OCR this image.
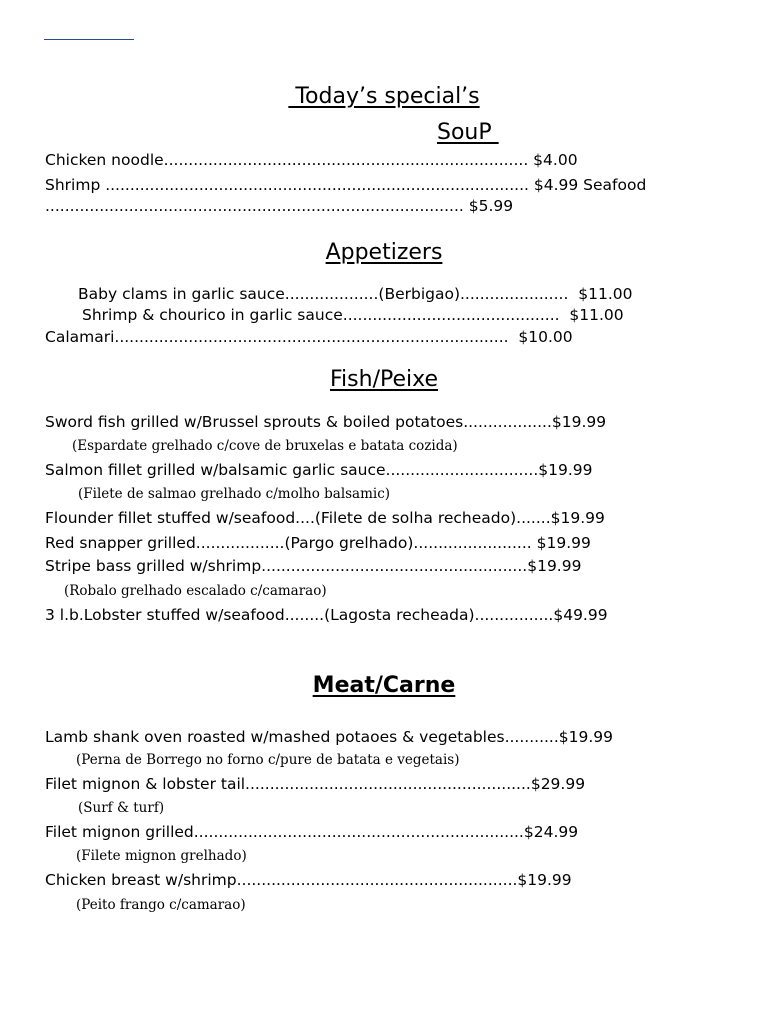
Today’s special’s
SouP
Chicken noodle.......................................................................... $4.00
Shrimp ...................................................................................... $4.99 Seafood
..................................................................................... $5.99
Appetizers
Baby clams in garlic sauce...................(Berbigao)......................  $11.00
Shrimp & chourico in garlic sauce............................................  $11.00
Calamari................................................................................  $10.00
Fish/Peixe
Sword fish grilled w/Brussel sprouts & boiled potatoes..................$19.99
(Espardate grelhado c/cove de bruxelas e batata cozida)
Salmon fillet grilled w/balsamic garlic sauce...............................$19.99
(Filete de salmao grelhado c/molho balsamic)
Flounder fillet stuffed w/seafood....(Filete de solha recheado).......$19.99
Red snapper grilled..................(Pargo grelhado)........................ $19.99
Stripe bass grilled w/shrimp......................................................$19.99
(Robalo grelhado escalado c/camarao)
3 l.b.Lobster stuffed w/seafood........(Lagosta recheada)................$49.99
Meat/Carne
Lamb shank oven roasted w/mashed potaoes & vegetables...........$19.99
(Perna de Borrego no forno c/pure de batata e vegetais)
Filet mignon & lobster tail..........................................................$29.99
(Surf & turf)
Filet mignon grilled...................................................................$24.99
(Filete mignon grelhado)
Chicken breast w/shrimp.........................................................$19.99
(Peito frango c/camarao)
